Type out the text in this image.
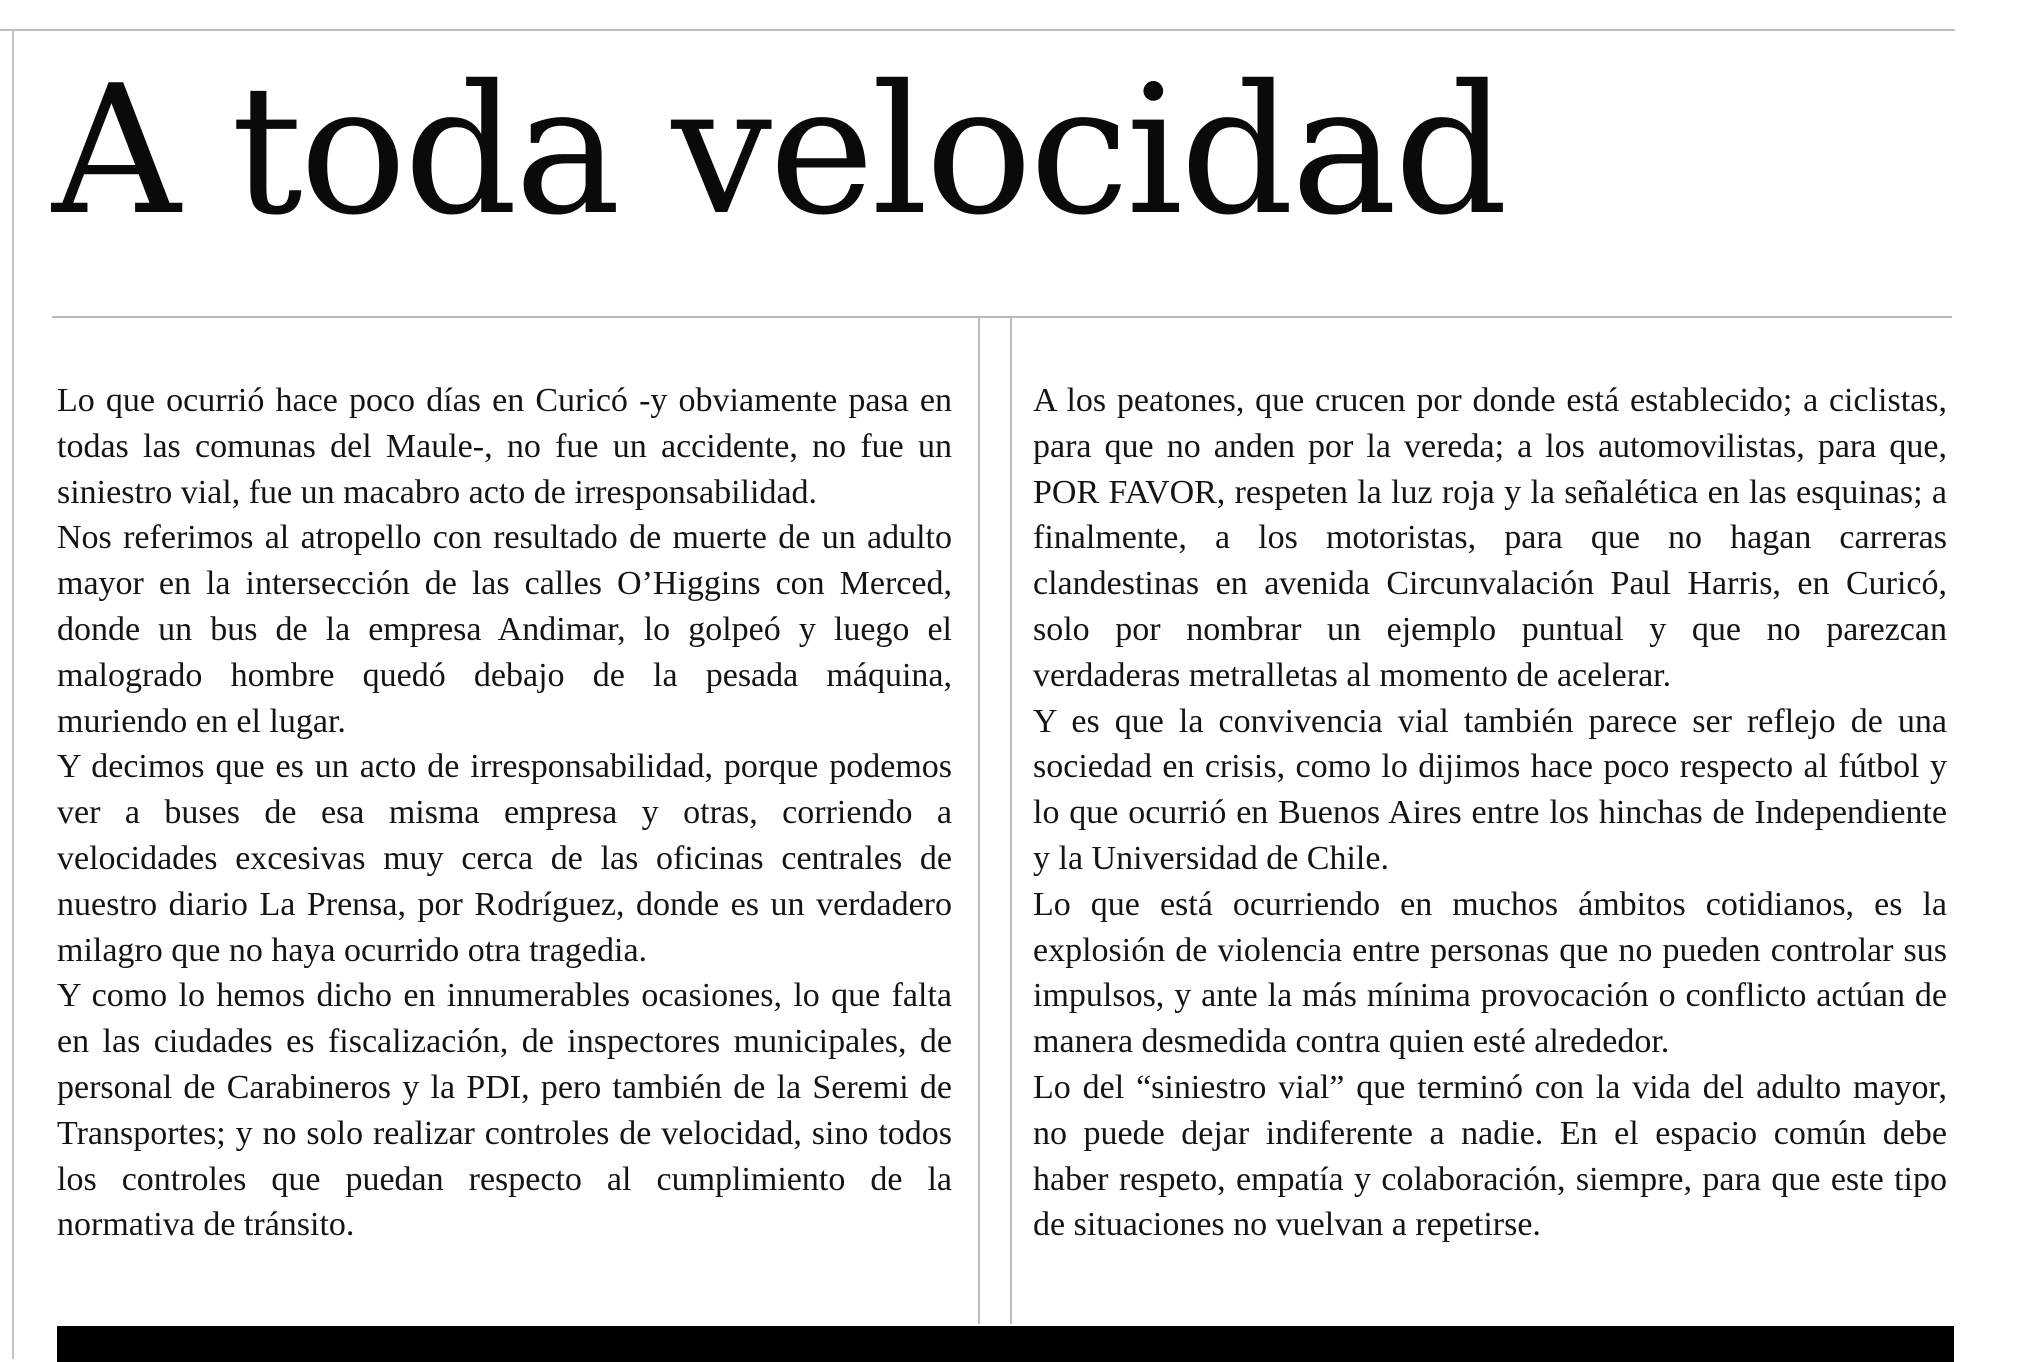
A toda velocidad

Lo que ocurrió hace poco días en Curicó -y obviamente pasa en todas las comunas del Maule-, no fue un accidente, no fue un siniestro vial, fue un macabro acto de irresponsabilidad.

Nos referimos al atropello con resultado de muerte de un adulto mayor en la intersección de las calles O’Higgins con Merced, donde un bus de la empresa Andimar, lo golpeó y luego el malogrado hombre quedó debajo de la pesada máquina, muriendo en el lugar.

Y decimos que es un acto de irresponsabilidad, porque podemos ver a buses de esa misma empresa y otras, corriendo a velocidades excesivas muy cerca de las oficinas centrales de nuestro diario La Prensa, por Rodríguez, donde es un verdadero milagro que no haya ocurrido otra tragedia.

Y como lo hemos dicho en innumerables ocasiones, lo que falta en las ciudades es fiscalización, de inspectores municipales, de personal de Carabineros y la PDI, pero también de la Seremi de Transportes; y no solo realizar controles de velocidad, sino todos los controles que puedan respecto al cumplimiento de la normativa de tránsito.

A los peatones, que crucen por donde está establecido; a ciclistas, para que no anden por la vereda; a los automovilistas, para que, POR FAVOR, respeten la luz roja y la señalética en las esquinas; a finalmente, a los motoristas, para que no hagan carreras clandestinas en avenida Circunvalación Paul Harris, en Curicó, solo por nombrar un ejemplo puntual y que no parezcan verdaderas metralletas al momento de acelerar.

Y es que la convivencia vial también parece ser reflejo de una sociedad en crisis, como lo dijimos hace poco respecto al fútbol y lo que ocurrió en Buenos Aires entre los hinchas de Independiente y la Universidad de Chile.

Lo que está ocurriendo en muchos ámbitos cotidianos, es la explosión de violencia entre personas que no pueden controlar sus impulsos, y ante la más mínima provocación o conflicto actúan de manera desmedida contra quien esté alrededor.

Lo del “siniestro vial” que terminó con la vida del adulto mayor, no puede dejar indiferente a nadie. En el espacio común debe haber respeto, empatía y colaboración, siempre, para que este tipo de situaciones no vuelvan a repetirse.
